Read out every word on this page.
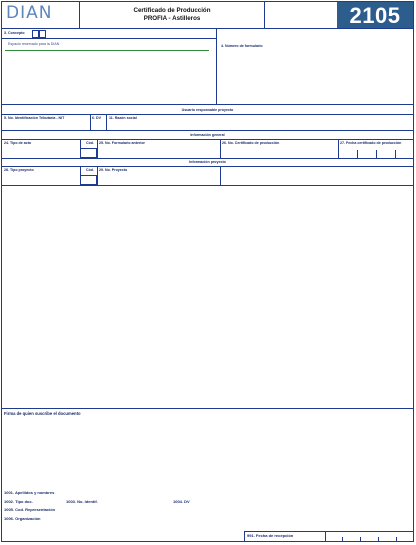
DIAN	Certificado de Producción
PROFIA - Astilleros	2105
3. Concepto
Espacio reservado para la DIAN	4. Número de formulario
Usuario responsable proyecto
5. No. Identificación Tributaria - NIT	6. DV 11. Razón social
Información general
24. Tipo de acto	Cód. 25. No. Formulario anterior	26. No. Certificado de producción	27. Fecha certificado de producción
Información proyecto
28. Tipo proyecto	Cód. 29. No. Proyecto
Firma de quien suscribe el documento
1001. Apellidos y nombres
1002. Tipo doc.	1003. No. Identif.	1004. DV
1005. Cod. Representación
1006. Organización
991. Fecha de recepción
